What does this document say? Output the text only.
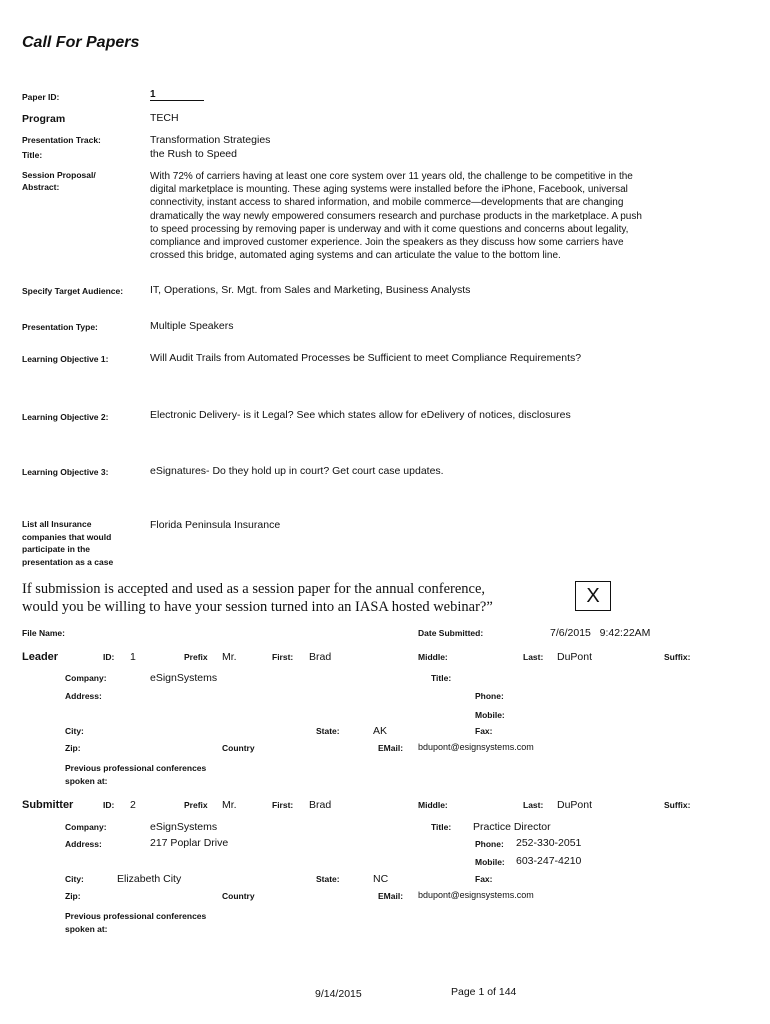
Call For Papers
Paper ID:	1
Program	TECH
Presentation Track:	Transformation Strategies
Title:	the Rush to Speed
Session Proposal/
Abstract:
With 72% of carriers having at least one core system over 11 years old, the challenge to be competitive in the digital marketplace is mounting. These aging systems were installed before the iPhone, Facebook, universal connectivity, instant access to shared information, and mobile commerce—developments that are changing dramatically the way newly empowered consumers research and purchase products in the marketplace. A push to speed processing by removing paper is underway and with it come questions and concerns about legality, compliance and improved customer experience. Join the speakers as they discuss how some carriers have crossed this bridge, automated aging systems and can articulate the value to the bottom line.
Specify Target Audience:	IT, Operations, Sr. Mgt. from Sales and Marketing, Business Analysts
Presentation Type:	Multiple Speakers
Learning Objective 1:	Will Audit Trails from Automated Processes be Sufficient to meet Compliance Requirements?
Learning Objective 2:	Electronic Delivery- is it Legal? See which states allow for eDelivery of notices, disclosures
Learning Objective 3:	eSignatures- Do they hold up in court? Get court case updates.
List all Insurance companies that would participate in the presentation as a case
Florida Peninsula Insurance
If submission is accepted and used as a session paper for the annual conference, would you be willing to have your session turned into an IASA hosted webinar?”	X
File Name:	Date Submitted:	7/6/2015   9:42:22AM
Leader	ID: 1	Prefix Mr.	First: Brad	Middle:	Last: DuPont	Suffix:
Company:	eSignSystems	Title:
Address:	Phone:
Mobile:
City:	State:	AK	Fax:
Zip:	Country	EMail: bdupont@esignsystems.com
Previous professional conferences spoken at:
Submitter	ID: 2	Prefix Mr.	First: Brad	Middle:	Last: DuPont	Suffix:
Company:	eSignSystems	Title: Practice Director
Address:	217 Poplar Drive	Phone: 252-330-2051
Mobile: 603-247-4210
City:	Elizabeth City	State:	NC	Fax:
Zip:	Country	EMail: bdupont@esignsystems.com
Previous professional conferences spoken at:
9/14/2015	Page 1 of 144
